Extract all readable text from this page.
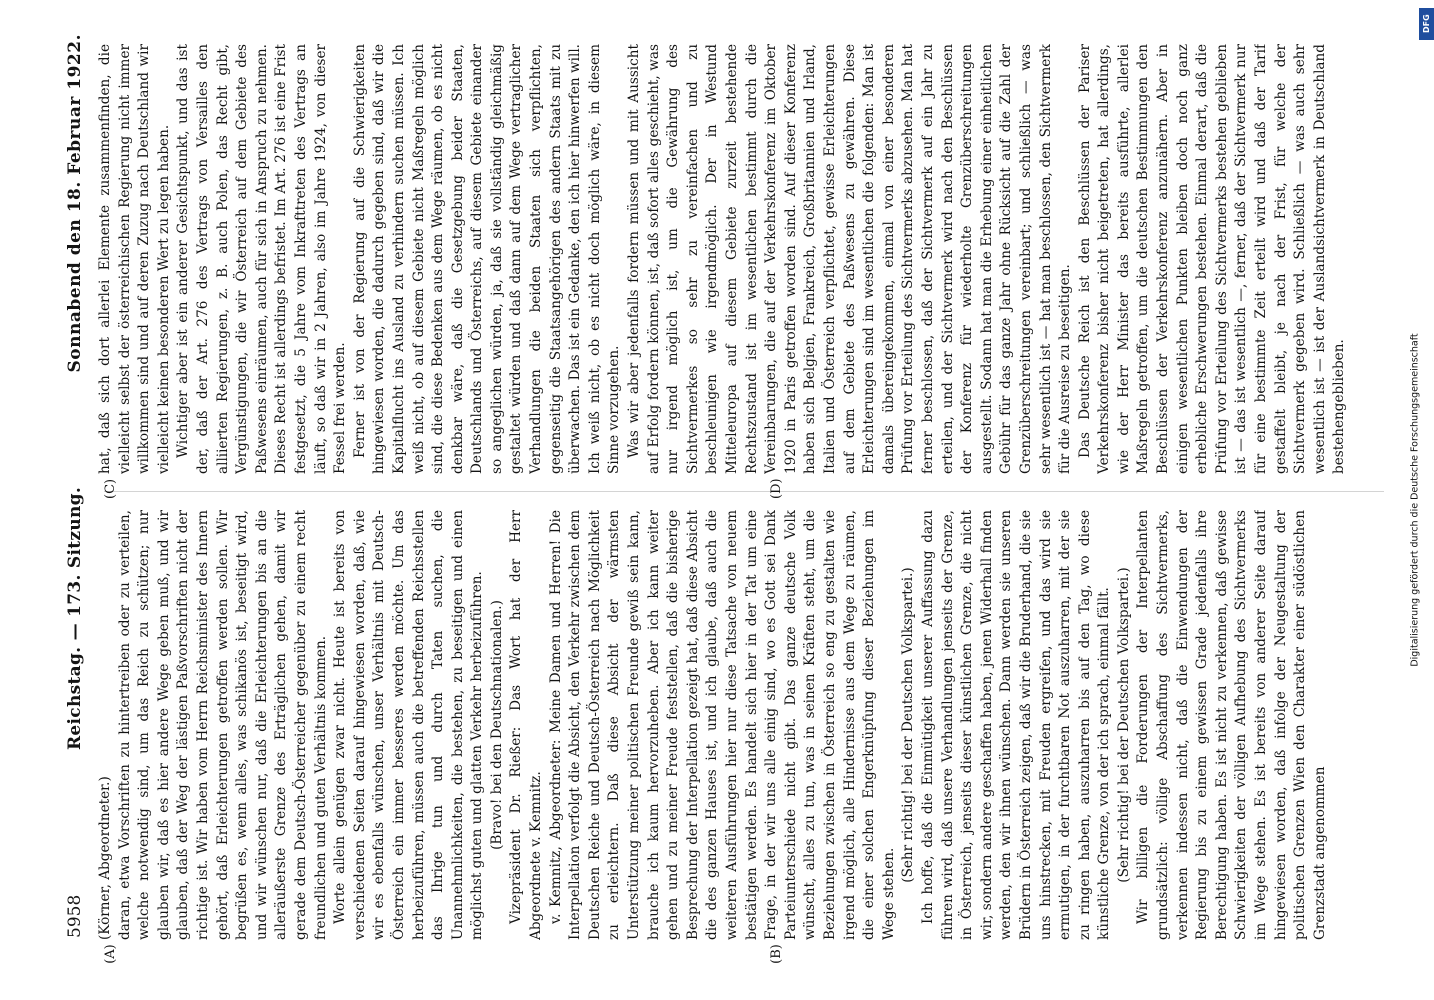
5958
Reichstag. — 173. Sitzung.
Sonnabend den 18. Februar 1922.

(Körner, Abgeordneter.) daran, etwa Vorschriften zu hintertreiben oder zu verteilen, welche notwendig sind, um das Reich zu schützen; nur glauben wir, daß es hier andere Wege geben muß, und wir glauben, daß der Weg der lästigen Paßvorschriften nicht der richtige ist. Wir haben vom Herrn Reichsminister des Innern gehört, daß Erleichterungen getroffen werden sollen. Wir begrüßen es, wenn alles, was schikanös ist, beseitigt wird, und wir wünschen nur, daß die Erleichterungen bis an die alleräußerste Grenze des Erträglichen gehen, damit wir gerade dem Deutsch-Österreicher gegenüber zu einem recht freundlichen und guten Verhältnis kommen. Worte allein genügen zwar nicht. Heute ist bereits von verschiedenen Seiten darauf hingewiesen worden, daß, wie wir es ebenfalls wünschen, unser Verhältnis mit Deutsch-Österreich ein immer besseres werden möchte. Um das herbeizuführen, müssen auch die betreffenden Reichsstellen das Ihrige tun und durch Taten suchen, die Unannehmlichkeiten, die bestehen, zu beseitigen und einen möglichst guten und glatten Verkehr herbeizuführen. (Bravo! bei den Deutschnationalen.) Vizepräsident Dr. Rießer: Das Wort hat der Herr Abgeordnete v. Kemnitz. v. Kemnitz, Abgeordneter: Meine Damen und Herren! Die Interpellation verfolgt die Absicht, den Verkehr zwischen dem Deutschen Reiche und Deutsch-Österreich nach Möglichkeit zu erleichtern. Daß diese Absicht der wärmsten Unterstützung meiner politischen Freunde gewiß sein kann, brauche ich kaum hervorzuheben. Aber ich kann weiter gehen und zu meiner Freude feststellen, daß die bisherige Besprechung der Interpellation gezeigt hat, daß diese Absicht die des ganzen Hauses ist, und ich glaube, daß auch die weiteren Ausführungen hier nur diese Tatsache von neuem bestätigen werden. Es handelt sich hier in der Tat um eine Frage, in der wir uns alle einig sind, wo es Gott sei Dank Parteiunterschiede nicht gibt. Das ganze deutsche Volk wünscht, alles zu tun, was in seinen Kräften steht, um die Beziehungen zwischen in Österreich so eng zu gestalten wie irgend möglich, alle Hindernisse aus dem Wege zu räumen, die einer solchen Engerknüpfung dieser Beziehungen im Wege stehen.

(Sehr richtig! bei der Deutschen Volkspartei.) Ich hoffe, daß die Einmütigkeit unserer Auffassung dazu führen wird, daß unsere Verhandlungen jenseits der Grenze, in Österreich, jenseits dieser künstlichen Grenze, die nicht wir, sondern andere geschaffen haben, jenen Widerhall finden werden, den wir ihnen wünschen. Dann werden sie unseren Brüdern in Österreich zeigen, daß wir die Bruderhand, die sie uns hinstrecken, mit Freuden ergreifen, und das wird sie ermutigen, in der furchtbaren Not auszuharren, mit der sie zu ringen haben, auszuharren bis auf den Tag, wo diese künstliche Grenze, von der ich sprach, einmal fällt. (Sehr richtig! bei der Deutschen Volkspartei.) Wir billigen die Forderungen der Interpellanten grundsätzlich: völlige Abschaffung des Sichtvermerks, verkennen indessen nicht, daß die Einwendungen der Regierung bis zu einem gewissen Grade jedenfalls ihre Berechtigung haben. Es ist nicht zu verkennen, daß gewisse Schwierigkeiten der völligen Aufhebung des Sichtvermerks im Wege stehen. Es ist bereits von anderer Seite darauf hingewiesen worden, daß infolge der Neugestaltung der politischen Grenzen Wien den Charakter einer südöstlichen Grenzstadt angenommen

hat, daß sich dort allerlei Elemente zusammenfinden, die vielleicht selbst der österreichischen Regierung nicht immer willkommen sind und auf deren Zuzug nach Deutschland wir vielleicht keinen besonderen Wert zu legen haben. Wichtiger aber ist ein anderer Gesichtspunkt, und das ist der, daß der Art. 276 des Vertrags von Versailles den alliierten Regierungen, z. B. auch Polen, das Recht gibt, Vergünstigungen, die wir Österreich auf dem Gebiete des Paßwesens einräumen, auch für sich in Anspruch zu nehmen. Dieses Recht ist allerdings befristet. Im Art. 276 ist eine Frist festgesetzt, die 5 Jahre vom Inkrafttreten des Vertrags an läuft, so daß wir in 2 Jahren, also im Jahre 1924, von dieser Fessel frei werden. Ferner ist von der Regierung auf die Schwierigkeiten hingewiesen worden, die dadurch gegeben sind, daß wir die Kapitalflucht ins Ausland zu verhindern suchen müssen. Ich weiß nicht, ob auf diesem Gebiete nicht Maßregeln möglich sind, die diese Bedenken aus dem Wege räumen, ob es nicht denkbar wäre, daß die Gesetzgebung beider Staaten, Deutschlands und Österreichs, auf diesem Gebiete einander so angeglichen würden, ja, daß sie vollständig gleichmäßig gestaltet würden und daß dann auf dem Wege vertraglicher Verhandlungen die beiden Staaten sich verpflichten, gegenseitig die Staatsangehörigen des andern Staats mit zu überwachen. Das ist ein Gedanke, den ich hier hinwerfen will. Ich weiß nicht, ob es nicht doch möglich wäre, in diesem Sinne vorzugehen. Was wir aber jedenfalls fordern müssen und mit Aussicht auf Erfolg fordern können, ist, daß sofort alles geschieht, was nur irgend möglich ist, um die Gewährung des Sichtvermerkes so sehr zu vereinfachen und zu beschleunigen wie irgendmöglich. Der in Westund Mitteleuropa auf diesem Gebiete zurzeit bestehende Rechtszustand ist im wesentlichen bestimmt durch die Vereinbarungen, die auf der Verkehrskonferenz im Oktober 1920 in Paris getroffen worden sind. Auf dieser Konferenz haben sich Belgien, Frankreich, Großbritannien und Irland, Italien und Österreich verpflichtet, gewisse Erleichterungen auf dem Gebiete des Paßwesens zu gewähren. Diese Erleichterungen sind im wesentlichen die folgenden: Man ist damals übereingekommen, einmal von einer besonderen Prüfung vor Erteilung des Sichtvermerks abzusehen. Man hat ferner beschlossen, daß der Sichtvermerk auf ein Jahr zu erteilen, und der Sichtvermerk wird nach den Beschlüssen der Konferenz für wiederholte Grenzüberschreitungen ausgestellt. Sodann hat man die Erhebung einer einheitlichen Gebühr für das ganze Jahr ohne Rücksicht auf die Zahl der Grenzüberschreitungen vereinbart; und schließlich — was sehr wesentlich ist — hat man beschlossen, den Sichtvermerk für die Ausreise zu beseitigen. Das Deutsche Reich ist den Beschlüssen der Pariser Verkehrskonferenz bisher nicht beigetreten, hat allerdings, wie der Herr Minister das bereits ausführte, allerlei Maßregeln getroffen, um die deutschen Bestimmungen den Beschlüssen der Verkehrskonferenz anzunähern. Aber in einigen wesentlichen Punkten bleiben doch noch ganz erhebliche Erschwerungen bestehen. Einmal derart, daß die Prüfung vor Erteilung des Sichtvermerks bestehen geblieben ist — das ist wesentlich —, ferner, daß der Sichtvermerk nur für eine bestimmte Zeit erteilt wird und daß der Tarif gestaffelt bleibt, je nach der Frist, für welche der Sichtvermerk gegeben wird. Schließlich — was auch sehr wesentlich ist — ist der Auslandsichtvermerk in Deutschland bestehengeblieben.

(A)	(B)
(C)	(D)
DFG
Digitalisierung gefördert durch die Deutsche Forschungsgemeinschaft
